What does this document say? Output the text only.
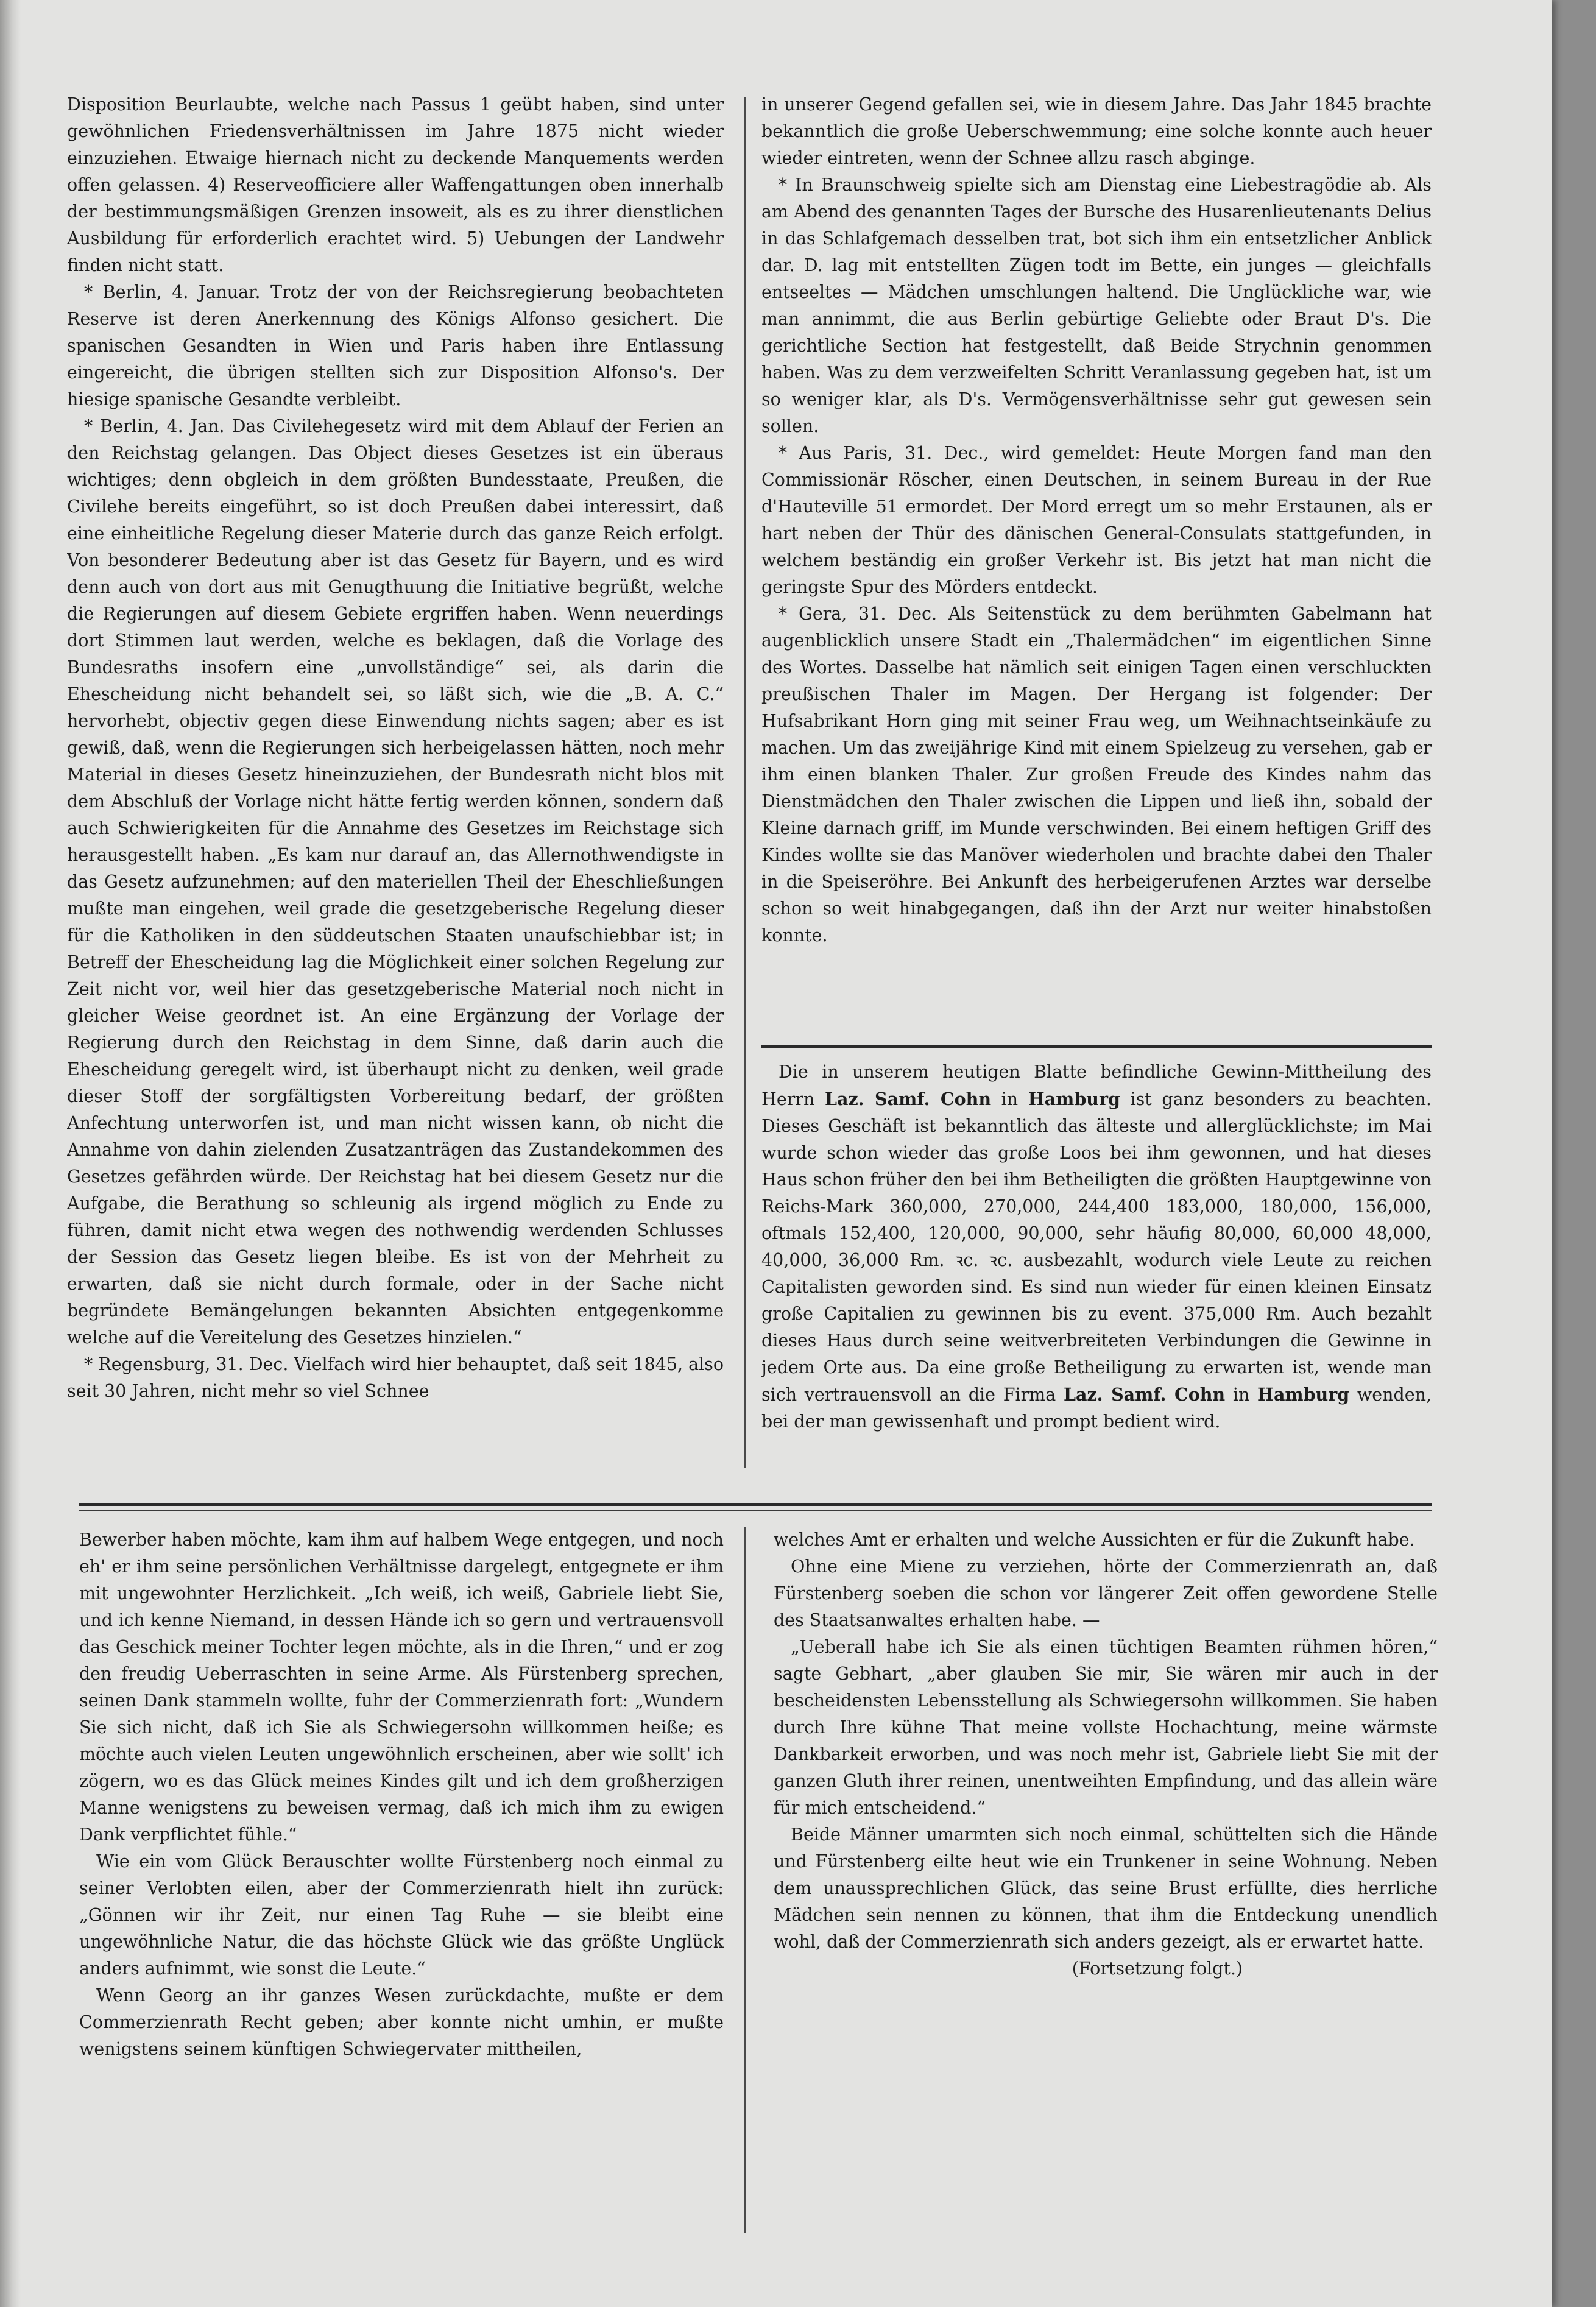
Disposition Beurlaubte, welche nach Passus 1 geübt haben, sind unter gewöhnlichen Friedensverhältnissen im Jahre 1875 nicht wieder einzuziehen. Etwaige hiernach nicht zu deckende Manquements werden offen gelassen. 4) Reserveofficiere aller Waffengattungen oben innerhalb der bestimmungsmäßigen Grenzen insoweit, als es zu ihrer dienstlichen Ausbildung für erforderlich erachtet wird. 5) Uebungen der Landwehr finden nicht statt.

* Berlin, 4. Januar. Trotz der von der Reichsregierung beobachteten Reserve ist deren Anerkennung des Königs Alfonso gesichert. Die spanischen Gesandten in Wien und Paris haben ihre Entlassung eingereicht, die übrigen stellten sich zur Disposition Alfonso's. Der hiesige spanische Gesandte verbleibt.

* Berlin, 4. Jan. Das Civilehegesetz wird mit dem Ablauf der Ferien an den Reichstag gelangen. Das Object dieses Gesetzes ist ein überaus wichtiges; denn obgleich in dem größten Bundesstaate, Preußen, die Civilehe bereits eingeführt, so ist doch Preußen dabei interessirt, daß eine einheitliche Regelung dieser Materie durch das ganze Reich erfolgt. Von besonderer Bedeutung aber ist das Gesetz für Bayern, und es wird denn auch von dort aus mit Genugthuung die Initiative begrüßt, welche die Regierungen auf diesem Gebiete ergriffen haben. Wenn neuerdings dort Stimmen laut werden, welche es beklagen, daß die Vorlage des Bundesraths insofern eine „unvollständige“ sei, als darin die Ehescheidung nicht behandelt sei, so läßt sich, wie die „B. A. C.“ hervorhebt, objectiv gegen diese Einwendung nichts sagen; aber es ist gewiß, daß, wenn die Regierungen sich herbeigelassen hätten, noch mehr Material in dieses Gesetz hineinzuziehen, der Bundesrath nicht blos mit dem Abschluß der Vorlage nicht hätte fertig werden können, sondern daß auch Schwierigkeiten für die Annahme des Gesetzes im Reichstage sich herausgestellt haben. „Es kam nur darauf an, das Allernothwendigste in das Gesetz aufzunehmen; auf den materiellen Theil der Eheschließungen mußte man eingehen, weil grade die gesetzgeberische Regelung dieser für die Katholiken in den süddeutschen Staaten unaufschiebbar ist; in Betreff der Ehescheidung lag die Möglichkeit einer solchen Regelung zur Zeit nicht vor, weil hier das gesetzgeberische Material noch nicht in gleicher Weise geordnet ist. An eine Ergänzung der Vorlage der Regierung durch den Reichstag in dem Sinne, daß darin auch die Ehescheidung geregelt wird, ist überhaupt nicht zu denken, weil grade dieser Stoff der sorgfältigsten Vorbereitung bedarf, der größten Anfechtung unterworfen ist, und man nicht wissen kann, ob nicht die Annahme von dahin zielenden Zusatzanträgen das Zustandekommen des Gesetzes gefährden würde. Der Reichstag hat bei diesem Gesetz nur die Aufgabe, die Berathung so schleunig als irgend möglich zu Ende zu führen, damit nicht etwa wegen des nothwendig werdenden Schlusses der Session das Gesetz liegen bleibe. Es ist von der Mehrheit zu erwarten, daß sie nicht durch formale, oder in der Sache nicht begründete Bemängelungen bekannten Absichten entgegenkomme welche auf die Vereitelung des Gesetzes hinzielen.“

* Regensburg, 31. Dec. Vielfach wird hier behauptet, daß seit 1845, also seit 30 Jahren, nicht mehr so viel Schnee

in unserer Gegend gefallen sei, wie in diesem Jahre. Das Jahr 1845 brachte bekanntlich die große Ueberschwemmung; eine solche konnte auch heuer wieder eintreten, wenn der Schnee allzu rasch abginge.

* In Braunschweig spielte sich am Dienstag eine Liebestragödie ab. Als am Abend des genannten Tages der Bursche des Husarenlieutenants Delius in das Schlafgemach desselben trat, bot sich ihm ein entsetzlicher Anblick dar. D. lag mit entstellten Zügen todt im Bette, ein junges — gleichfalls entseeltes — Mädchen umschlungen haltend. Die Unglückliche war, wie man annimmt, die aus Berlin gebürtige Geliebte oder Braut D's. Die gerichtliche Section hat festgestellt, daß Beide Strychnin genommen haben. Was zu dem verzweifelten Schritt Veranlassung gegeben hat, ist um so weniger klar, als D's. Vermögensverhältnisse sehr gut gewesen sein sollen.

* Aus Paris, 31. Dec., wird gemeldet: Heute Morgen fand man den Commissionär Röscher, einen Deutschen, in seinem Bureau in der Rue d'Hauteville 51 ermordet. Der Mord erregt um so mehr Erstaunen, als er hart neben der Thür des dänischen General-Consulats stattgefunden, in welchem beständig ein großer Verkehr ist. Bis jetzt hat man nicht die geringste Spur des Mörders entdeckt.

* Gera, 31. Dec. Als Seitenstück zu dem berühmten Gabelmann hat augenblicklich unsere Stadt ein „Thalermädchen“ im eigentlichen Sinne des Wortes. Dasselbe hat nämlich seit einigen Tagen einen verschluckten preußischen Thaler im Magen. Der Hergang ist folgender: Der Hufsabrikant Horn ging mit seiner Frau weg, um Weihnachtseinkäufe zu machen. Um das zweijährige Kind mit einem Spielzeug zu versehen, gab er ihm einen blanken Thaler. Zur großen Freude des Kindes nahm das Dienstmädchen den Thaler zwischen die Lippen und ließ ihn, sobald der Kleine darnach griff, im Munde verschwinden. Bei einem heftigen Griff des Kindes wollte sie das Manöver wiederholen und brachte dabei den Thaler in die Speiseröhre. Bei Ankunft des herbeigerufenen Arztes war derselbe schon so weit hinabgegangen, daß ihn der Arzt nur weiter hinabstoßen konnte.

Die in unserem heutigen Blatte befindliche Gewinn-Mittheilung des Herrn Laz. Samf. Cohn in Hamburg ist ganz besonders zu beachten. Dieses Geschäft ist bekanntlich das älteste und allerglücklichste; im Mai wurde schon wieder das große Loos bei ihm gewonnen, und hat dieses Haus schon früher den bei ihm Betheiligten die größten Hauptgewinne von Reichs-Mark 360,000, 270,000, 244,400 183,000, 180,000, 156,000, oftmals 152,400, 120,000, 90,000, sehr häufig 80,000, 60,000 48,000, 40,000, 36,000 Rm. ꝛc. ꝛc. ausbezahlt, wodurch viele Leute zu reichen Capitalisten geworden sind. Es sind nun wieder für einen kleinen Einsatz große Capitalien zu gewinnen bis zu event. 375,000 Rm. Auch bezahlt dieses Haus durch seine weitverbreiteten Verbindungen die Gewinne in jedem Orte aus. Da eine große Betheiligung zu erwarten ist, wende man sich vertrauensvoll an die Firma Laz. Samf. Cohn in Hamburg wenden, bei der man gewissenhaft und prompt bedient wird.

Bewerber haben möchte, kam ihm auf halbem Wege entgegen, und noch eh' er ihm seine persönlichen Verhältnisse dargelegt, entgegnete er ihm mit ungewohnter Herzlichkeit. „Ich weiß, ich weiß, Gabriele liebt Sie, und ich kenne Niemand, in dessen Hände ich so gern und vertrauensvoll das Geschick meiner Tochter legen möchte, als in die Ihren,“ und er zog den freudig Ueberraschten in seine Arme. Als Fürstenberg sprechen, seinen Dank stammeln wollte, fuhr der Commerzienrath fort: „Wundern Sie sich nicht, daß ich Sie als Schwiegersohn willkommen heiße; es möchte auch vielen Leuten ungewöhnlich erscheinen, aber wie sollt' ich zögern, wo es das Glück meines Kindes gilt und ich dem großherzigen Manne wenigstens zu beweisen vermag, daß ich mich ihm zu ewigen Dank verpflichtet fühle.“

Wie ein vom Glück Berauschter wollte Fürstenberg noch einmal zu seiner Verlobten eilen, aber der Commerzienrath hielt ihn zurück: „Gönnen wir ihr Zeit, nur einen Tag Ruhe — sie bleibt eine ungewöhnliche Natur, die das höchste Glück wie das größte Unglück anders aufnimmt, wie sonst die Leute.“

Wenn Georg an ihr ganzes Wesen zurückdachte, mußte er dem Commerzienrath Recht geben; aber konnte nicht umhin, er mußte wenigstens seinem künftigen Schwiegervater mittheilen,

welches Amt er erhalten und welche Aussichten er für die Zukunft habe.

Ohne eine Miene zu verziehen, hörte der Commerzienrath an, daß Fürstenberg soeben die schon vor längerer Zeit offen gewordene Stelle des Staatsanwaltes erhalten habe. —

„Ueberall habe ich Sie als einen tüchtigen Beamten rühmen hören,“ sagte Gebhart, „aber glauben Sie mir, Sie wären mir auch in der bescheidensten Lebensstellung als Schwiegersohn willkommen. Sie haben durch Ihre kühne That meine vollste Hochachtung, meine wärmste Dankbarkeit erworben, und was noch mehr ist, Gabriele liebt Sie mit der ganzen Gluth ihrer reinen, unentweihten Empfindung, und das allein wäre für mich entscheidend.“

Beide Männer umarmten sich noch einmal, schüttelten sich die Hände und Fürstenberg eilte heut wie ein Trunkener in seine Wohnung. Neben dem unaussprechlichen Glück, das seine Brust erfüllte, dies herrliche Mädchen sein nennen zu können, that ihm die Entdeckung unendlich wohl, daß der Commerzienrath sich anders gezeigt, als er erwartet hatte.

(Fortsetzung folgt.)
